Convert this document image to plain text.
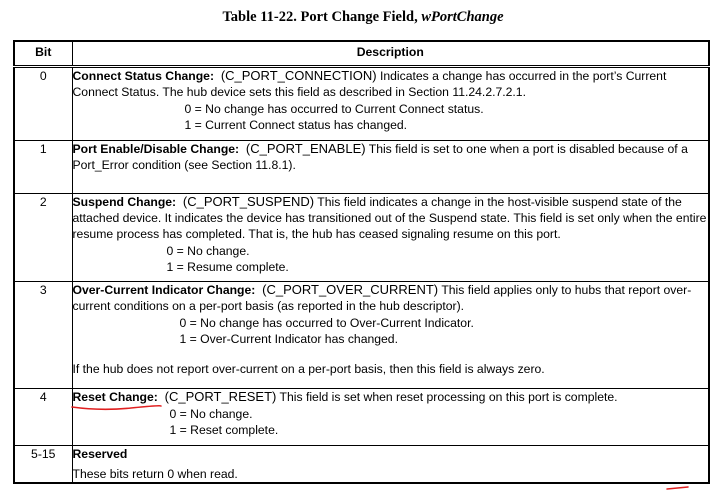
Table 11-22. Port Change Field, wPortChange
Bit	Description
0	Connect Status Change: (C_PORT_CONNECTION) Indicates a change has occurred in the port’s Current Connect Status. The hub device sets this field as described in Section 11.24.2.7.2.1.
0 = No change has occurred to Current Connect status.
1 = Current Connect status has changed.

1	Port Enable/Disable Change: (C_PORT_ENABLE) This field is set to one when a port is disabled because of a Port_Error condition (see Section 11.8.1).
2	Suspend Change: (C_PORT_SUSPEND) This field indicates a change in the host-visible suspend state of the attached device. It indicates the device has transitioned out of the Suspend state. This field is set only when the entire resume process has completed. That is, the hub has ceased signaling resume on this port.
0 = No change.
1 = Resume complete.

3	Over-Current Indicator Change: (C_PORT_OVER_CURRENT) This field applies only to hubs that report over-current conditions on a per-port basis (as reported in the hub descriptor).
0 = No change has occurred to Over-Current Indicator.
1 = Over-Current Indicator has changed.
If the hub does not report over-current on a per-port basis, then this field is always zero.

4	Reset Change: (C_PORT_RESET) This field is set when reset processing on this port is complete.
0 = No change.
1 = Reset complete.

5-15	Reserved
These bits return 0 when read.
